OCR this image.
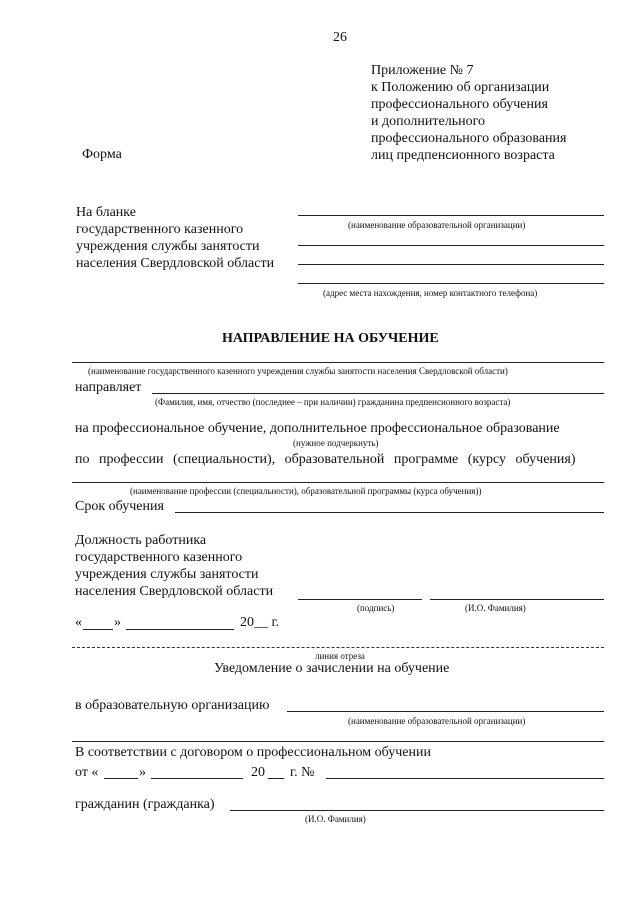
26
Приложение № 7
к Положению об организации
профессионального обучения
и дополнительного
профессионального образования
лиц предпенсионного возраста
Форма
На бланке
государственного казенного
учреждения службы занятости
населения Свердловской области
(наименование образовательной организации)
(адрес места нахождения, номер контактного телефона)
НАПРАВЛЕНИЕ НА ОБУЧЕНИЕ
(наименование государственного казенного учреждения службы занятости населения Свердловской области)
направляет
(Фамилия, имя, отчество (последнее – при наличии) гражданина предпенсионного возраста)
на профессиональное обучение, дополнительное профессиональное образование
(нужное подчеркнуть)
по профессии (специальности), образовательной программе (курсу обучения)
(наименование профессии (специальности), образовательной программы (курса обучения))
Срок обучения
Должность работника
государственного казенного
учреждения службы занятости
населения Свердловской области
(подпись)	(И.О. Фамилия)
« »	20__ г.
линия отреза
Уведомление о зачислении на обучение
в образовательную организацию
(наименование образовательной организации)
В соответствии с договором о профессиональном обучении
от «	»	20 г. №
гражданин (гражданка)
(И.О. Фамилия)
